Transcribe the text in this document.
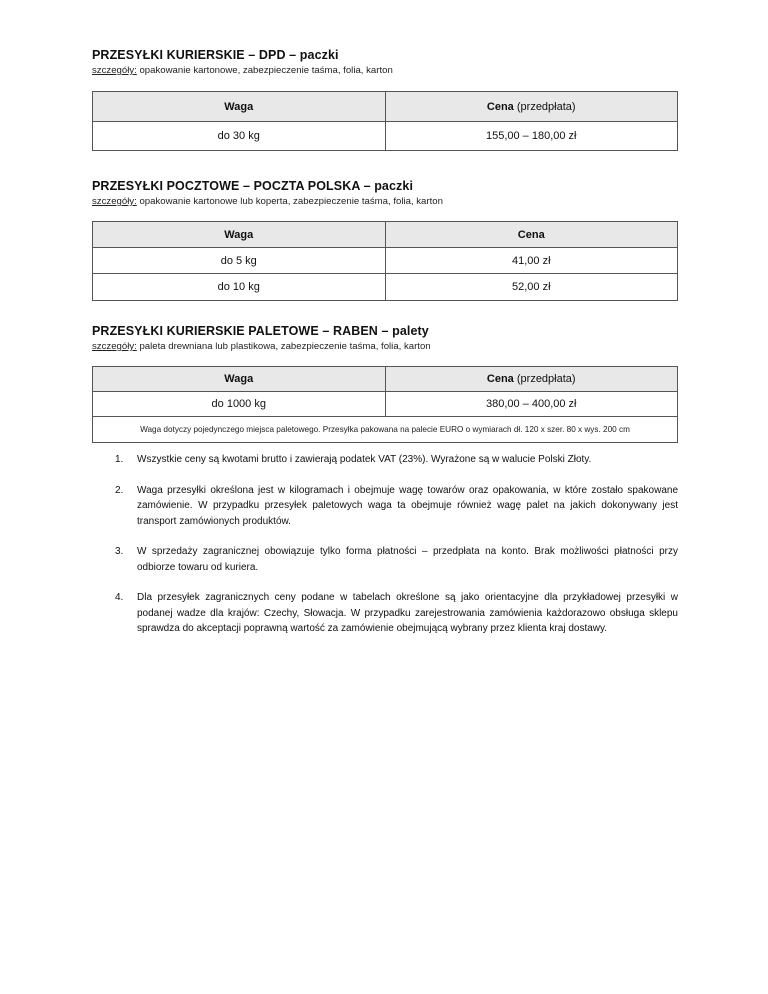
PRZESYŁKI KURIERSKIE – DPD – paczki

szczegóły: opakowanie kartonowe, zabezpieczenie taśma, folia, karton

Waga	Cena (przedpłata)
do 30 kg	155,00 – 180,00 zł

PRZESYŁKI POCZTOWE – POCZTA POLSKA – paczki

szczegóły: opakowanie kartonowe lub koperta, zabezpieczenie taśma, folia, karton

Waga	Cena
do 5 kg	41,00 zł
do 10 kg	52,00 zł

PRZESYŁKI KURIERSKIE PALETOWE – RABEN – palety

szczegóły: paleta drewniana lub plastikowa, zabezpieczenie taśma, folia, karton

Waga	Cena (przedpłata)
do 1000 kg	380,00 – 400,00 zł
Waga dotyczy pojedynczego miejsca paletowego. Przesyłka pakowana na palecie EURO o wymiarach dł. 120 x szer. 80 x wys. 200 cm	
1.	Wszystkie ceny są kwotami brutto i zawierają podatek VAT (23%). Wyrażone są w walucie Polski Złoty.
2.	Waga przesyłki określona jest w kilogramach i obejmuje wagę towarów oraz opakowania, w które zostało spakowane zamówienie. W przypadku przesyłek paletowych waga ta obejmuje również wagę palet na jakich dokonywany jest transport zamówionych produktów.
3.	W sprzedaży zagranicznej obowiązuje tylko forma płatności – przedpłata na konto. Brak możliwości płatności przy odbiorze towaru od kuriera.
4.	Dla przesyłek zagranicznych ceny podane w tabelach określone są jako orientacyjne dla przykładowej przesyłki w podanej wadze dla krajów: Czechy, Słowacja. W przypadku zarejestrowania zamówienia każdorazowo obsługa sklepu sprawdza do akceptacji poprawną wartość za zamówienie obejmującą wybrany przez klienta kraj dostawy.
